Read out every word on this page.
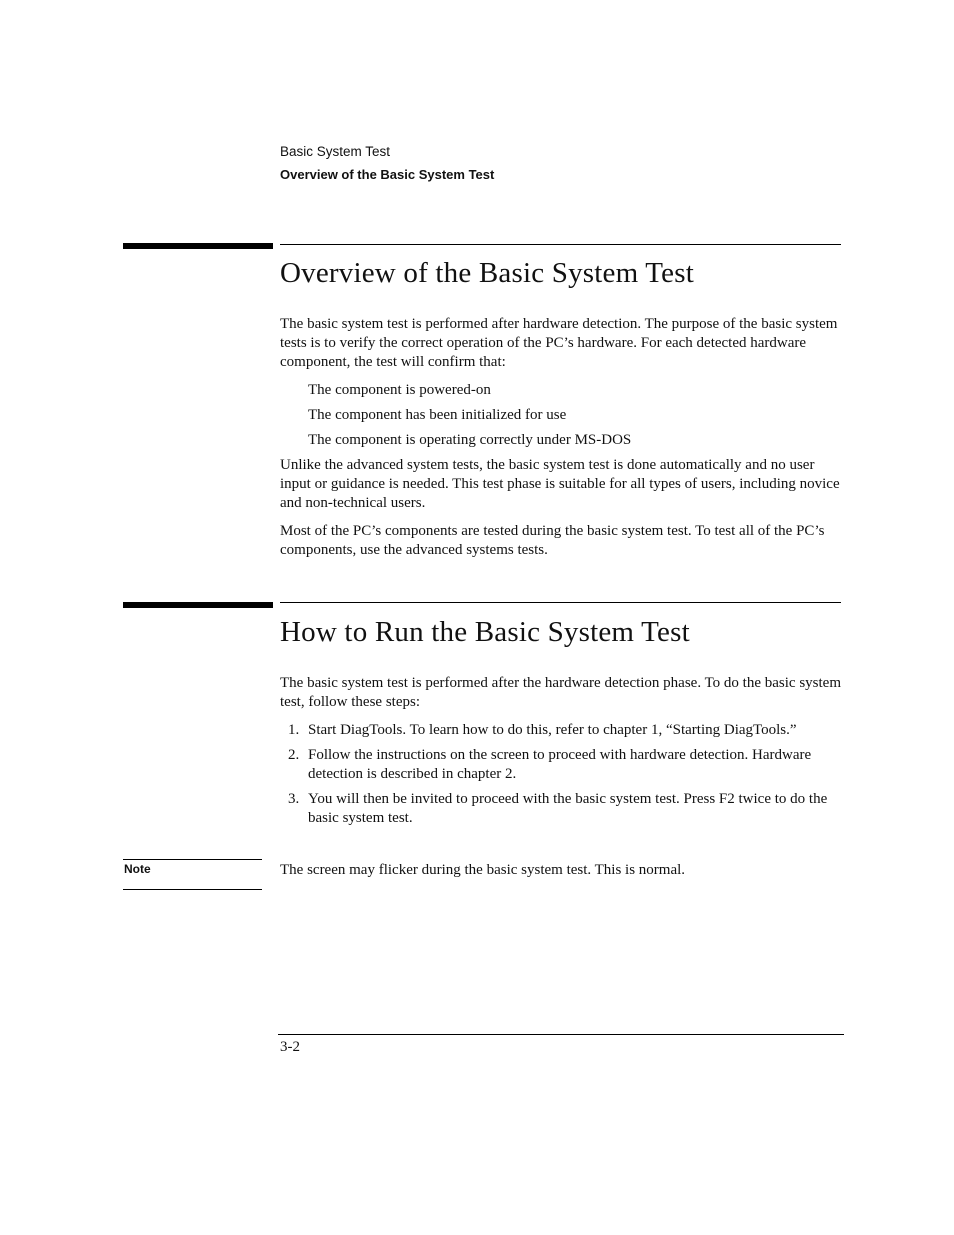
Basic System Test
Overview of the Basic System Test
Overview of the Basic System Test

The basic system test is performed after hardware detection. The purpose of the basic system tests is to verify the correct operation of the PC’s hardware. For each detected hardware component, the test will confirm that:

The component is powered-on
The component has been initialized for use
The component is operating correctly under MS-DOS

Unlike the advanced system tests, the basic system test is done automatically and no user input or guidance is needed. This test phase is suitable for all types of users, including novice and non-technical users.

Most of the PC’s components are tested during the basic system test. To test all of the PC’s components, use the advanced systems tests.

How to Run the Basic System Test

The basic system test is performed after the hardware detection phase. To do the basic system test, follow these steps:

1. Start DiagTools. To learn how to do this, refer to chapter 1, “Starting DiagTools.”
2. Follow the instructions on the screen to proceed with hardware detection. Hardware detection is described in chapter 2.
3. You will then be invited to proceed with the basic system test. Press F2 twice to do the basic system test.
Note	The screen may flicker during the basic system test. This is normal.
3-2
